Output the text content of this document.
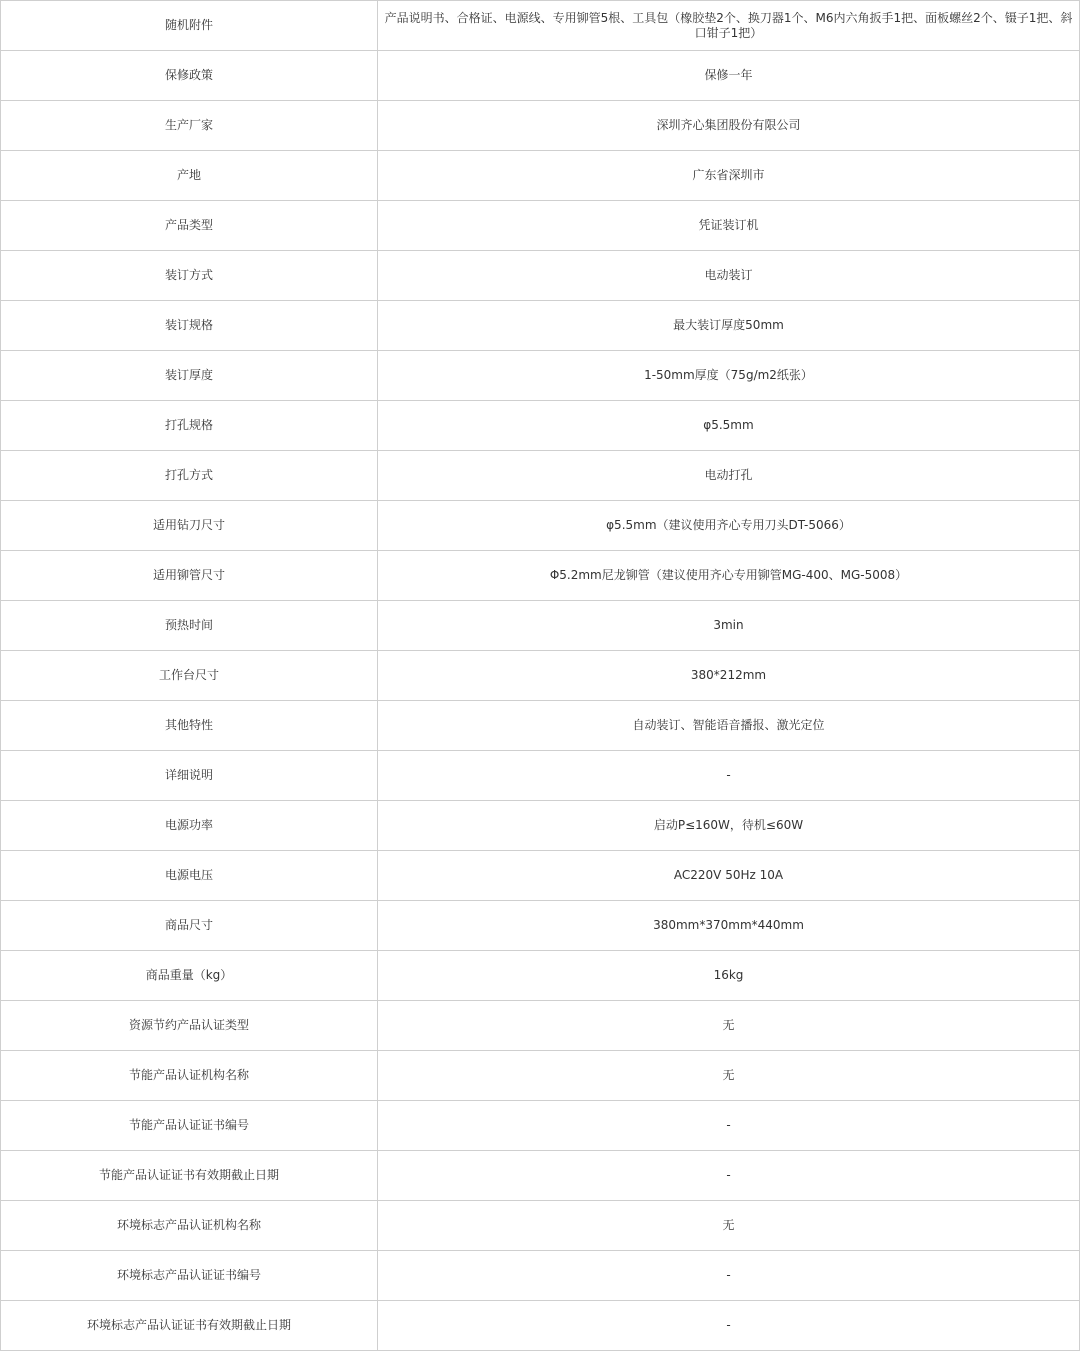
随机附件	产品说明书、合格证、电源线、专用铆管5根、工具包（橡胶垫2个、换刀器1个、M6内六角扳手1把、面板螺丝2个、镊子1把、斜口钳子1把）
保修政策	保修一年
生产厂家	深圳齐心集团股份有限公司
产地	广东省深圳市
产品类型	凭证装订机
装订方式	电动装订
装订规格	最大装订厚度50mm
装订厚度	1-50mm厚度（75g/m2纸张）
打孔规格	φ5.5mm
打孔方式	电动打孔
适用钻刀尺寸	φ5.5mm（建议使用齐心专用刀头DT-5066）
适用铆管尺寸	Φ5.2mm尼龙铆管（建议使用齐心专用铆管MG-400、MG-5008）
预热时间	3min
工作台尺寸	380*212mm
其他特性	自动装订、智能语音播报、激光定位
详细说明	-
电源功率	启动P≤160W，待机≤60W
电源电压	AC220V 50Hz 10A
商品尺寸	380mm*370mm*440mm
商品重量（kg）	16kg
资源节约产品认证类型	无
节能产品认证机构名称	无
节能产品认证证书编号	-
节能产品认证证书有效期截止日期	-
环境标志产品认证机构名称	无
环境标志产品认证证书编号	-
环境标志产品认证证书有效期截止日期	-
